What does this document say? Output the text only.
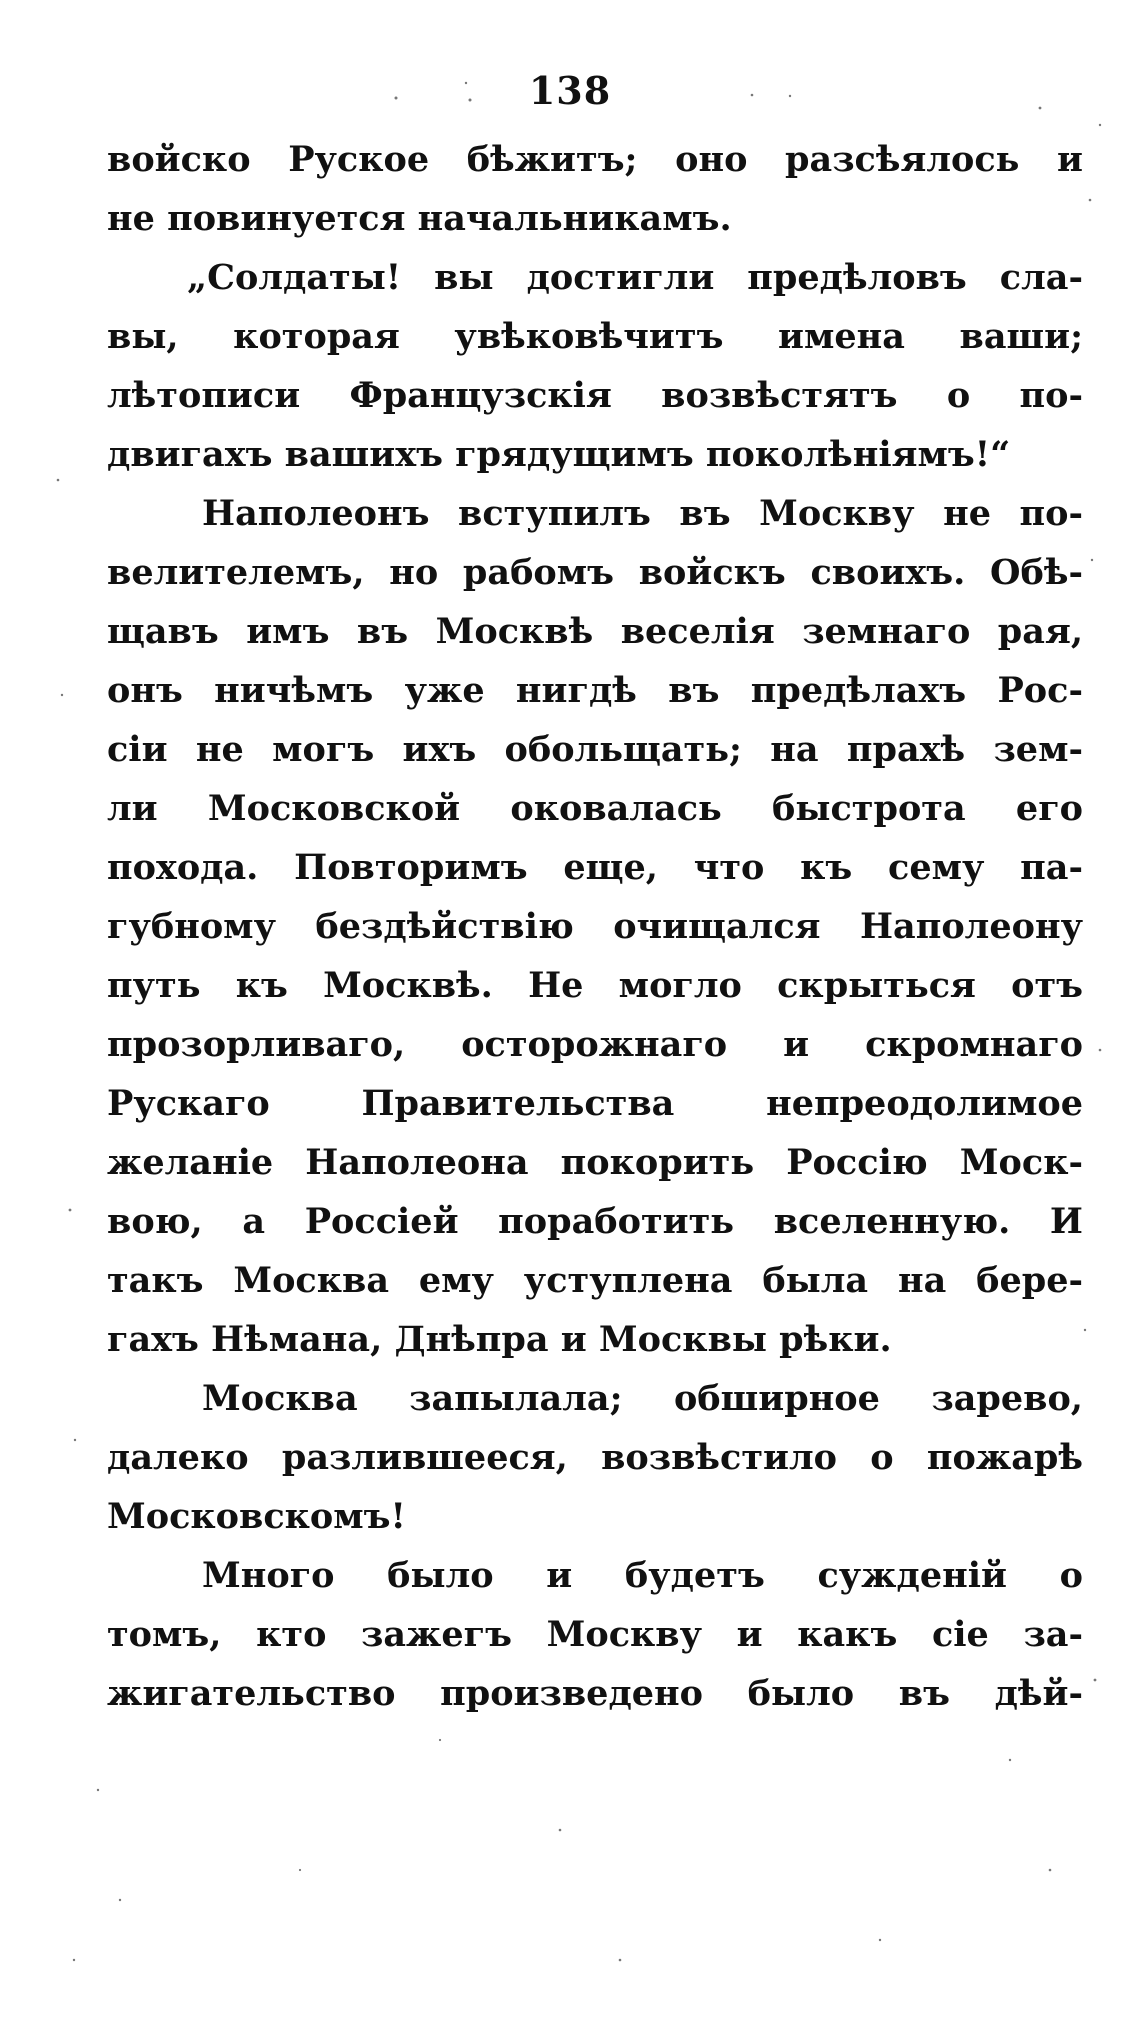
138
войско Руское бѣжитъ; оно разсѣялось и
не повинуется начальникамъ.
„Солдаты! вы достигли предѣловъ сла-
вы, которая увѣковѣчитъ имена ваши;
лѣтописи Французскія возвѣстятъ о по-
двигахъ вашихъ грядущимъ поколѣніямъ!“
Наполеонъ вступилъ въ Москву не по-
велителемъ, но рабомъ войскъ своихъ. Обѣ-
щавъ имъ въ Москвѣ веселія земнаго рая,
онъ ничѣмъ уже нигдѣ въ предѣлахъ Рос-
сіи не могъ ихъ обольщать; на прахѣ зем-
ли Московской оковалась быстрота его
похода. Повторимъ еще, что къ сему па-
губному бездѣйствію очищался Наполеону
путь къ Москвѣ. Не могло скрыться отъ
прозорливаго, осторожнаго и скромнаго
Рускаго Правительства непреодолимое
желаніе Наполеона покорить Россію Моск-
вою, а Россіей поработить вселенную. И
такъ Москва ему уступлена была на бере-
гахъ Нѣмана, Днѣпра и Москвы рѣки.
Москва запылала; обширное зарево,
далеко разлившееся, возвѣстило о пожарѣ
Московскомъ!
Много было и будетъ сужденій о
томъ, кто зажегъ Москву и какъ сіе за-
жигательство произведено было въ дѣй-
